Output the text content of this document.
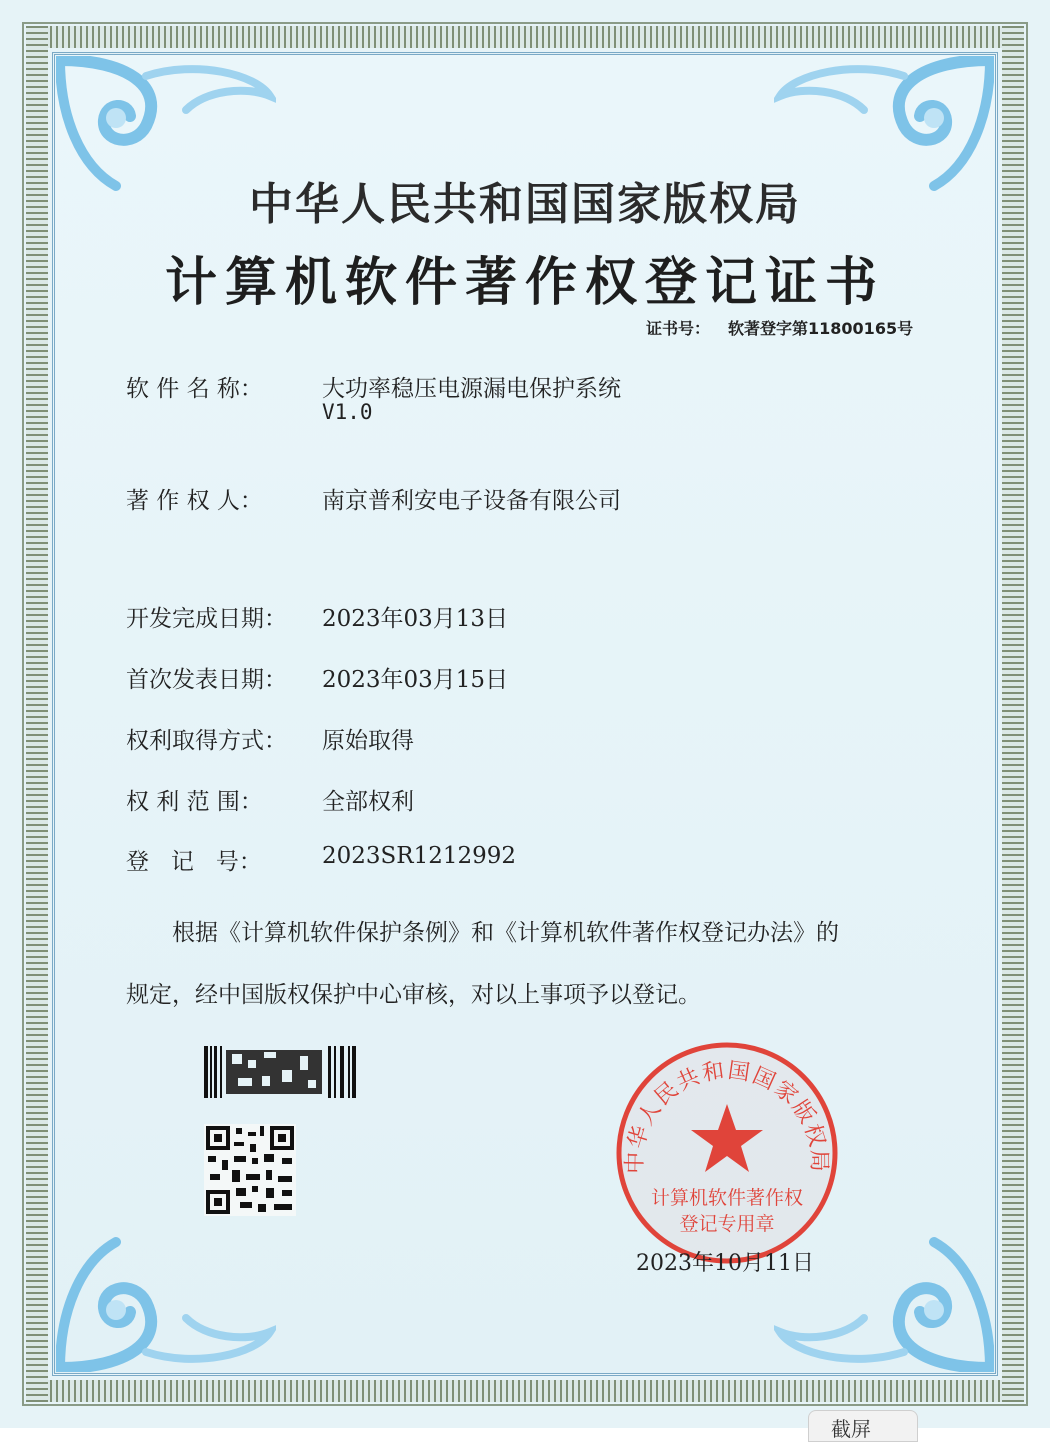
中华人民共和国国家版权局
计算机软件著作权登记证书
证书号： 软著登字第11800165号
软 件 名 称：	大功率稳压电源漏电保护系统
V1.0
著 作 权 人：	南京普利安电子设备有限公司
开发完成日期：	2023年03月13日
首次发表日期：	2023年03月15日
权利取得方式：	原始取得
权 利 范 围：	全部权利
登   记   号：	2023SR1212992
根据《计算机软件保护条例》和《计算机软件著作权登记办法》的
规定，经中国版权保护中心审核，对以上事项予以登记。
中华人民共和国国家版权局
计算机软件著作权
登记专用章
2023年10月11日
截屏
